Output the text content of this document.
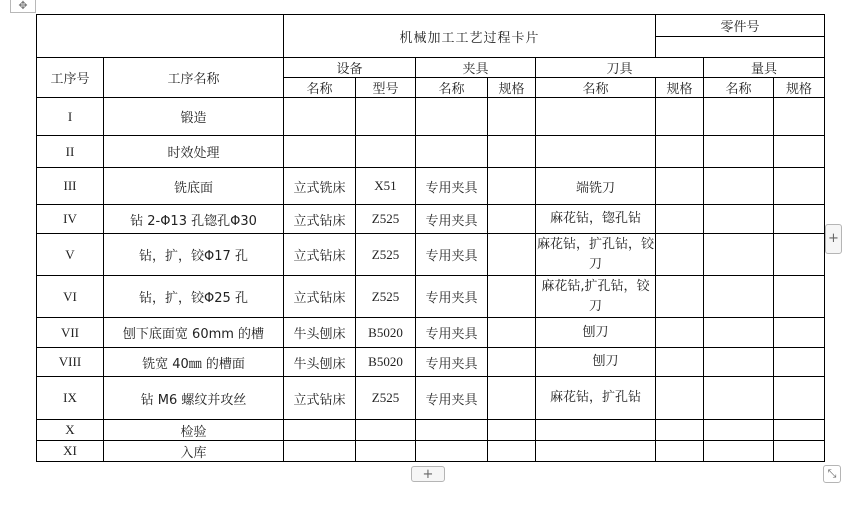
✥
		机械加工工艺过程卡片					零件号		

工序号	工序名称	设备		夹具		刀具		量具	
		名称	型号	名称	规格	名称	规格	名称	规格
I	锻造								
II	时效处理								
III	铣底面	立式铣床	X51	专用夹具		端铣刀			
IV	钻 2-Φ13 孔锪孔Φ30	立式钻床	Z525	专用夹具		麻花钻，锪孔钻			
V	钻，扩，铰Φ17 孔	立式钻床	Z525	专用夹具		麻花钻，扩孔钻，铰刀			
VI	钻，扩，铰Φ25 孔	立式钻床	Z525	专用夹具		麻花钻,扩孔钻，铰刀			
VII	刨下底面宽 60mm 的槽	牛头刨床	B5020	专用夹具		刨刀			
VIII	铣宽 40㎜ 的槽面	牛头刨床	B5020	专用夹具		刨刀			
IX	钻 M6 螺纹并攻丝	立式钻床	Z525	专用夹具		麻花钻，扩孔钻			
X	检验								
XI	入库								
+
+	⤡
